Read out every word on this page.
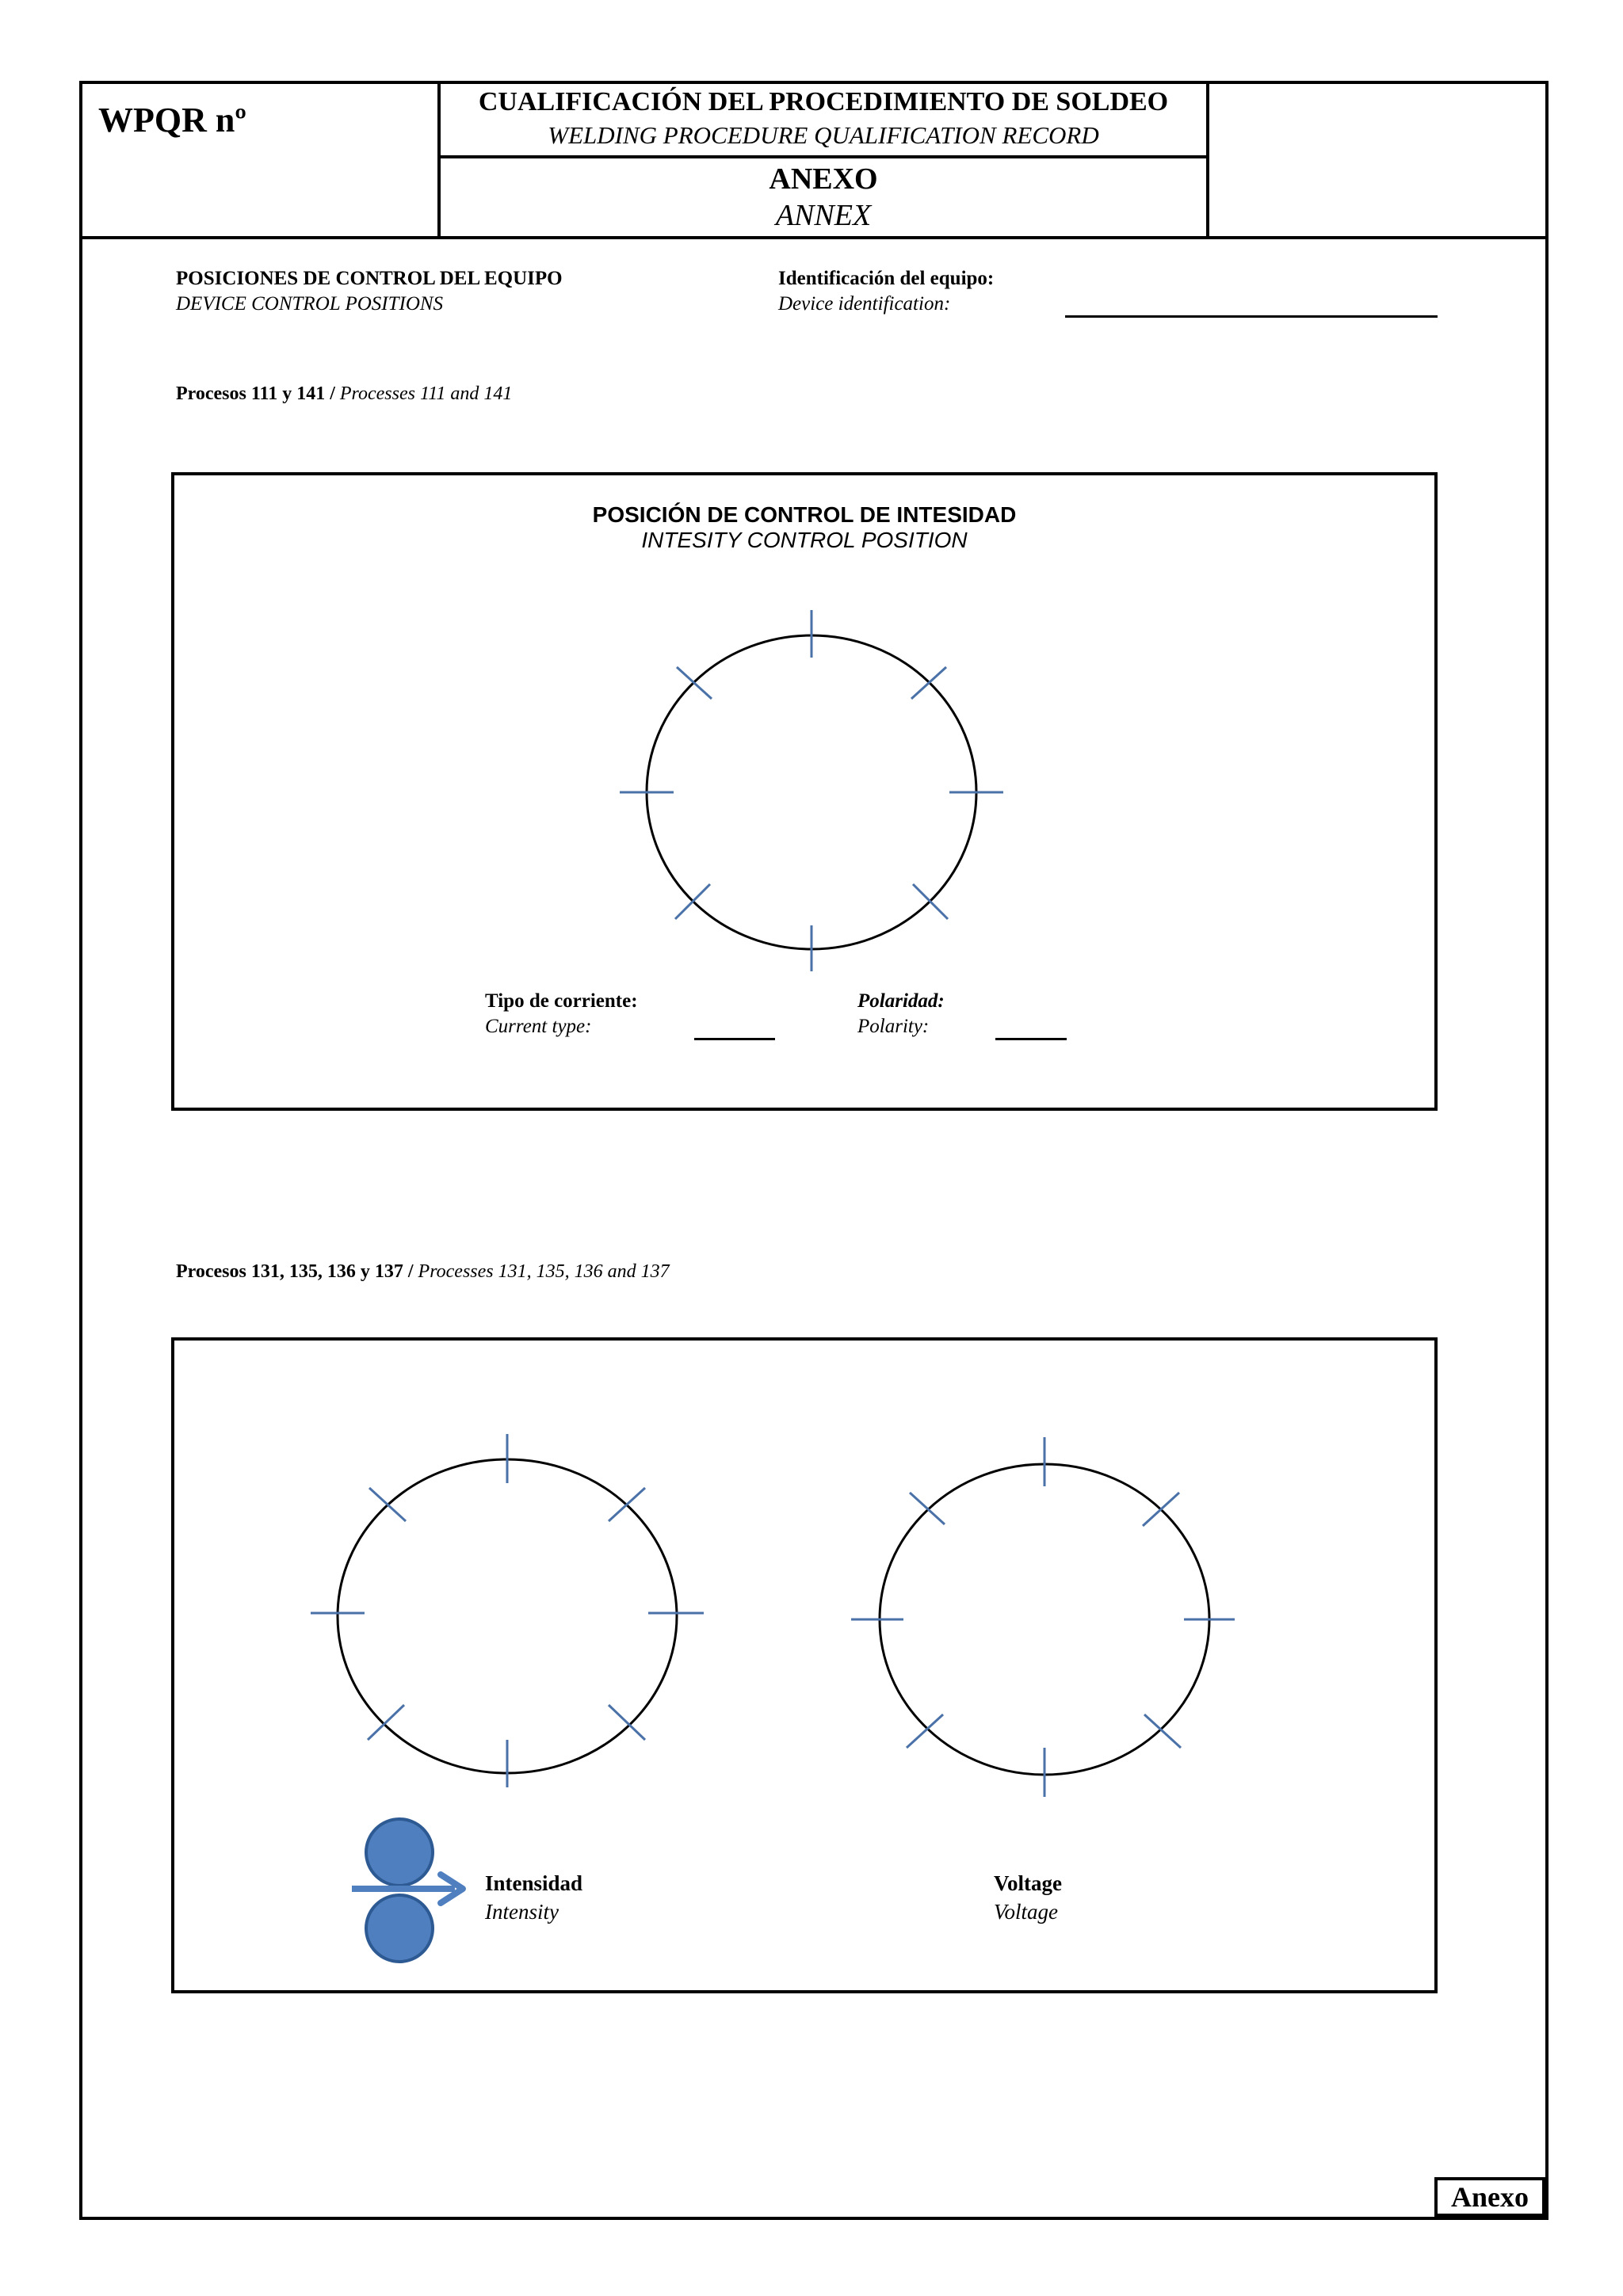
WPQR nº	CUALIFICACIÓN DEL PROCEDIMIENTO DE SOLDEO
WELDING PROCEDURE QUALIFICATION RECORD
ANEXO
ANNEX
POSICIONES DE CONTROL DEL EQUIPO
DEVICE CONTROL POSITIONS
Identificación del equipo:
Device identification:
Procesos 111 y 141 / Processes 111 and 141
POSICIÓN DE CONTROL DE INTESIDAD
INTESITY CONTROL POSITION
Tipo de corriente:
Current type:
Polaridad:
Polarity:
Procesos 131, 135, 136 y 137 / Processes 131, 135, 136 and 137
Intensidad
Intensity
Voltage
Voltage
Anexo
